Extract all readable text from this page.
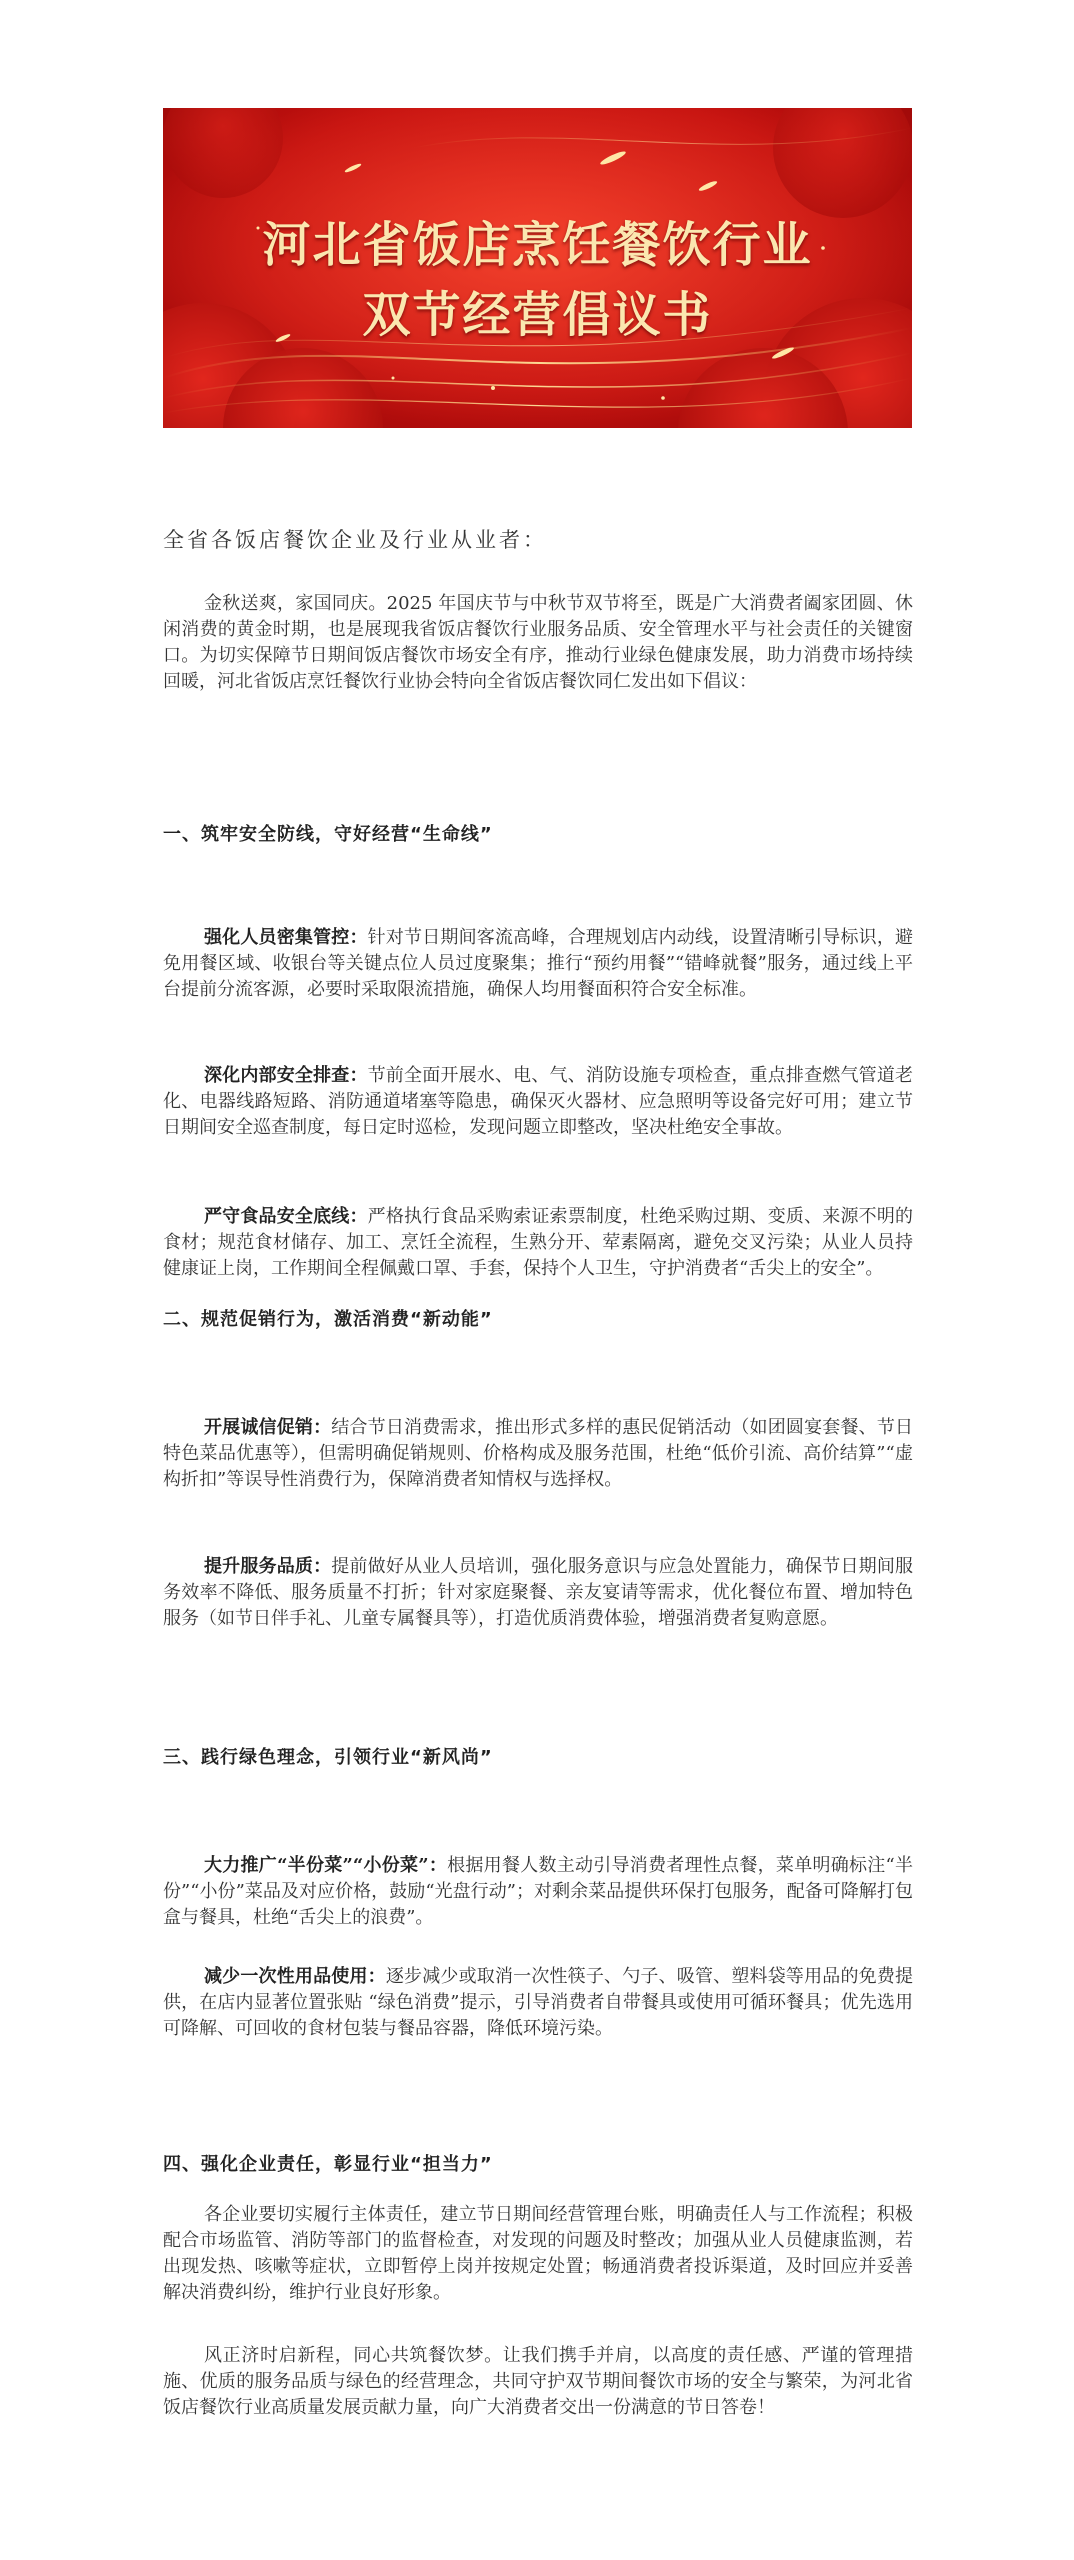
河北省饭店烹饪餐饮行业
双节经营倡议书
全省各饭店餐饮企业及行业从业者：
金秋送爽，家国同庆。2025 年国庆节与中秋节双节将至，既是广大消费者阖家团圆、休闲消费的黄金时期，也是展现我省饭店餐饮行业服务品质、安全管理水平与社会责任的关键窗口。为切实保障节日期间饭店餐饮市场安全有序，推动行业绿色健康发展，助力消费市场持续回暖，河北省饭店烹饪餐饮行业协会特向全省饭店餐饮同仁发出如下倡议：
一、筑牢安全防线，守好经营“生命线”
强化人员密集管控：针对节日期间客流高峰，合理规划店内动线，设置清晰引导标识，避免用餐区域、收银台等关键点位人员过度聚集；推行“预约用餐”“错峰就餐”服务，通过线上平台提前分流客源，必要时采取限流措施，确保人均用餐面积符合安全标准。
深化内部安全排查：节前全面开展水、电、气、消防设施专项检查，重点排查燃气管道老化、电器线路短路、消防通道堵塞等隐患，确保灭火器材、应急照明等设备完好可用；建立节日期间安全巡查制度，每日定时巡检，发现问题立即整改，坚决杜绝安全事故。
严守食品安全底线：严格执行食品采购索证索票制度，杜绝采购过期、变质、来源不明的食材；规范食材储存、加工、烹饪全流程，生熟分开、荤素隔离，避免交叉污染；从业人员持健康证上岗，工作期间全程佩戴口罩、手套，保持个人卫生，守护消费者“舌尖上的安全”。
二、规范促销行为，激活消费“新动能”
开展诚信促销：结合节日消费需求，推出形式多样的惠民促销活动（如团圆宴套餐、节日特色菜品优惠等），但需明确促销规则、价格构成及服务范围，杜绝“低价引流、高价结算”“虚构折扣”等误导性消费行为，保障消费者知情权与选择权。
提升服务品质：提前做好从业人员培训，强化服务意识与应急处置能力，确保节日期间服务效率不降低、服务质量不打折；针对家庭聚餐、亲友宴请等需求，优化餐位布置、增加特色服务（如节日伴手礼、儿童专属餐具等），打造优质消费体验，增强消费者复购意愿。
三、践行绿色理念，引领行业“新风尚”
大力推广“半份菜”“小份菜”：根据用餐人数主动引导消费者理性点餐，菜单明确标注“半份”“小份”菜品及对应价格，鼓励“光盘行动”；对剩余菜品提供环保打包服务，配备可降解打包盒与餐具，杜绝“舌尖上的浪费”。
减少一次性用品使用：逐步减少或取消一次性筷子、勺子、吸管、塑料袋等用品的免费提供，在店内显著位置张贴 “绿色消费”提示，引导消费者自带餐具或使用可循环餐具；优先选用可降解、可回收的食材包装与餐品容器，降低环境污染。
四、强化企业责任，彰显行业“担当力”
各企业要切实履行主体责任，建立节日期间经营管理台账，明确责任人与工作流程；积极配合市场监管、消防等部门的监督检查，对发现的问题及时整改；加强从业人员健康监测，若出现发热、咳嗽等症状，立即暂停上岗并按规定处置；畅通消费者投诉渠道，及时回应并妥善解决消费纠纷，维护行业良好形象。
风正济时启新程，同心共筑餐饮梦。让我们携手并肩，以高度的责任感、严谨的管理措施、优质的服务品质与绿色的经营理念，共同守护双节期间餐饮市场的安全与繁荣，为河北省饭店餐饮行业高质量发展贡献力量，向广大消费者交出一份满意的节日答卷！
